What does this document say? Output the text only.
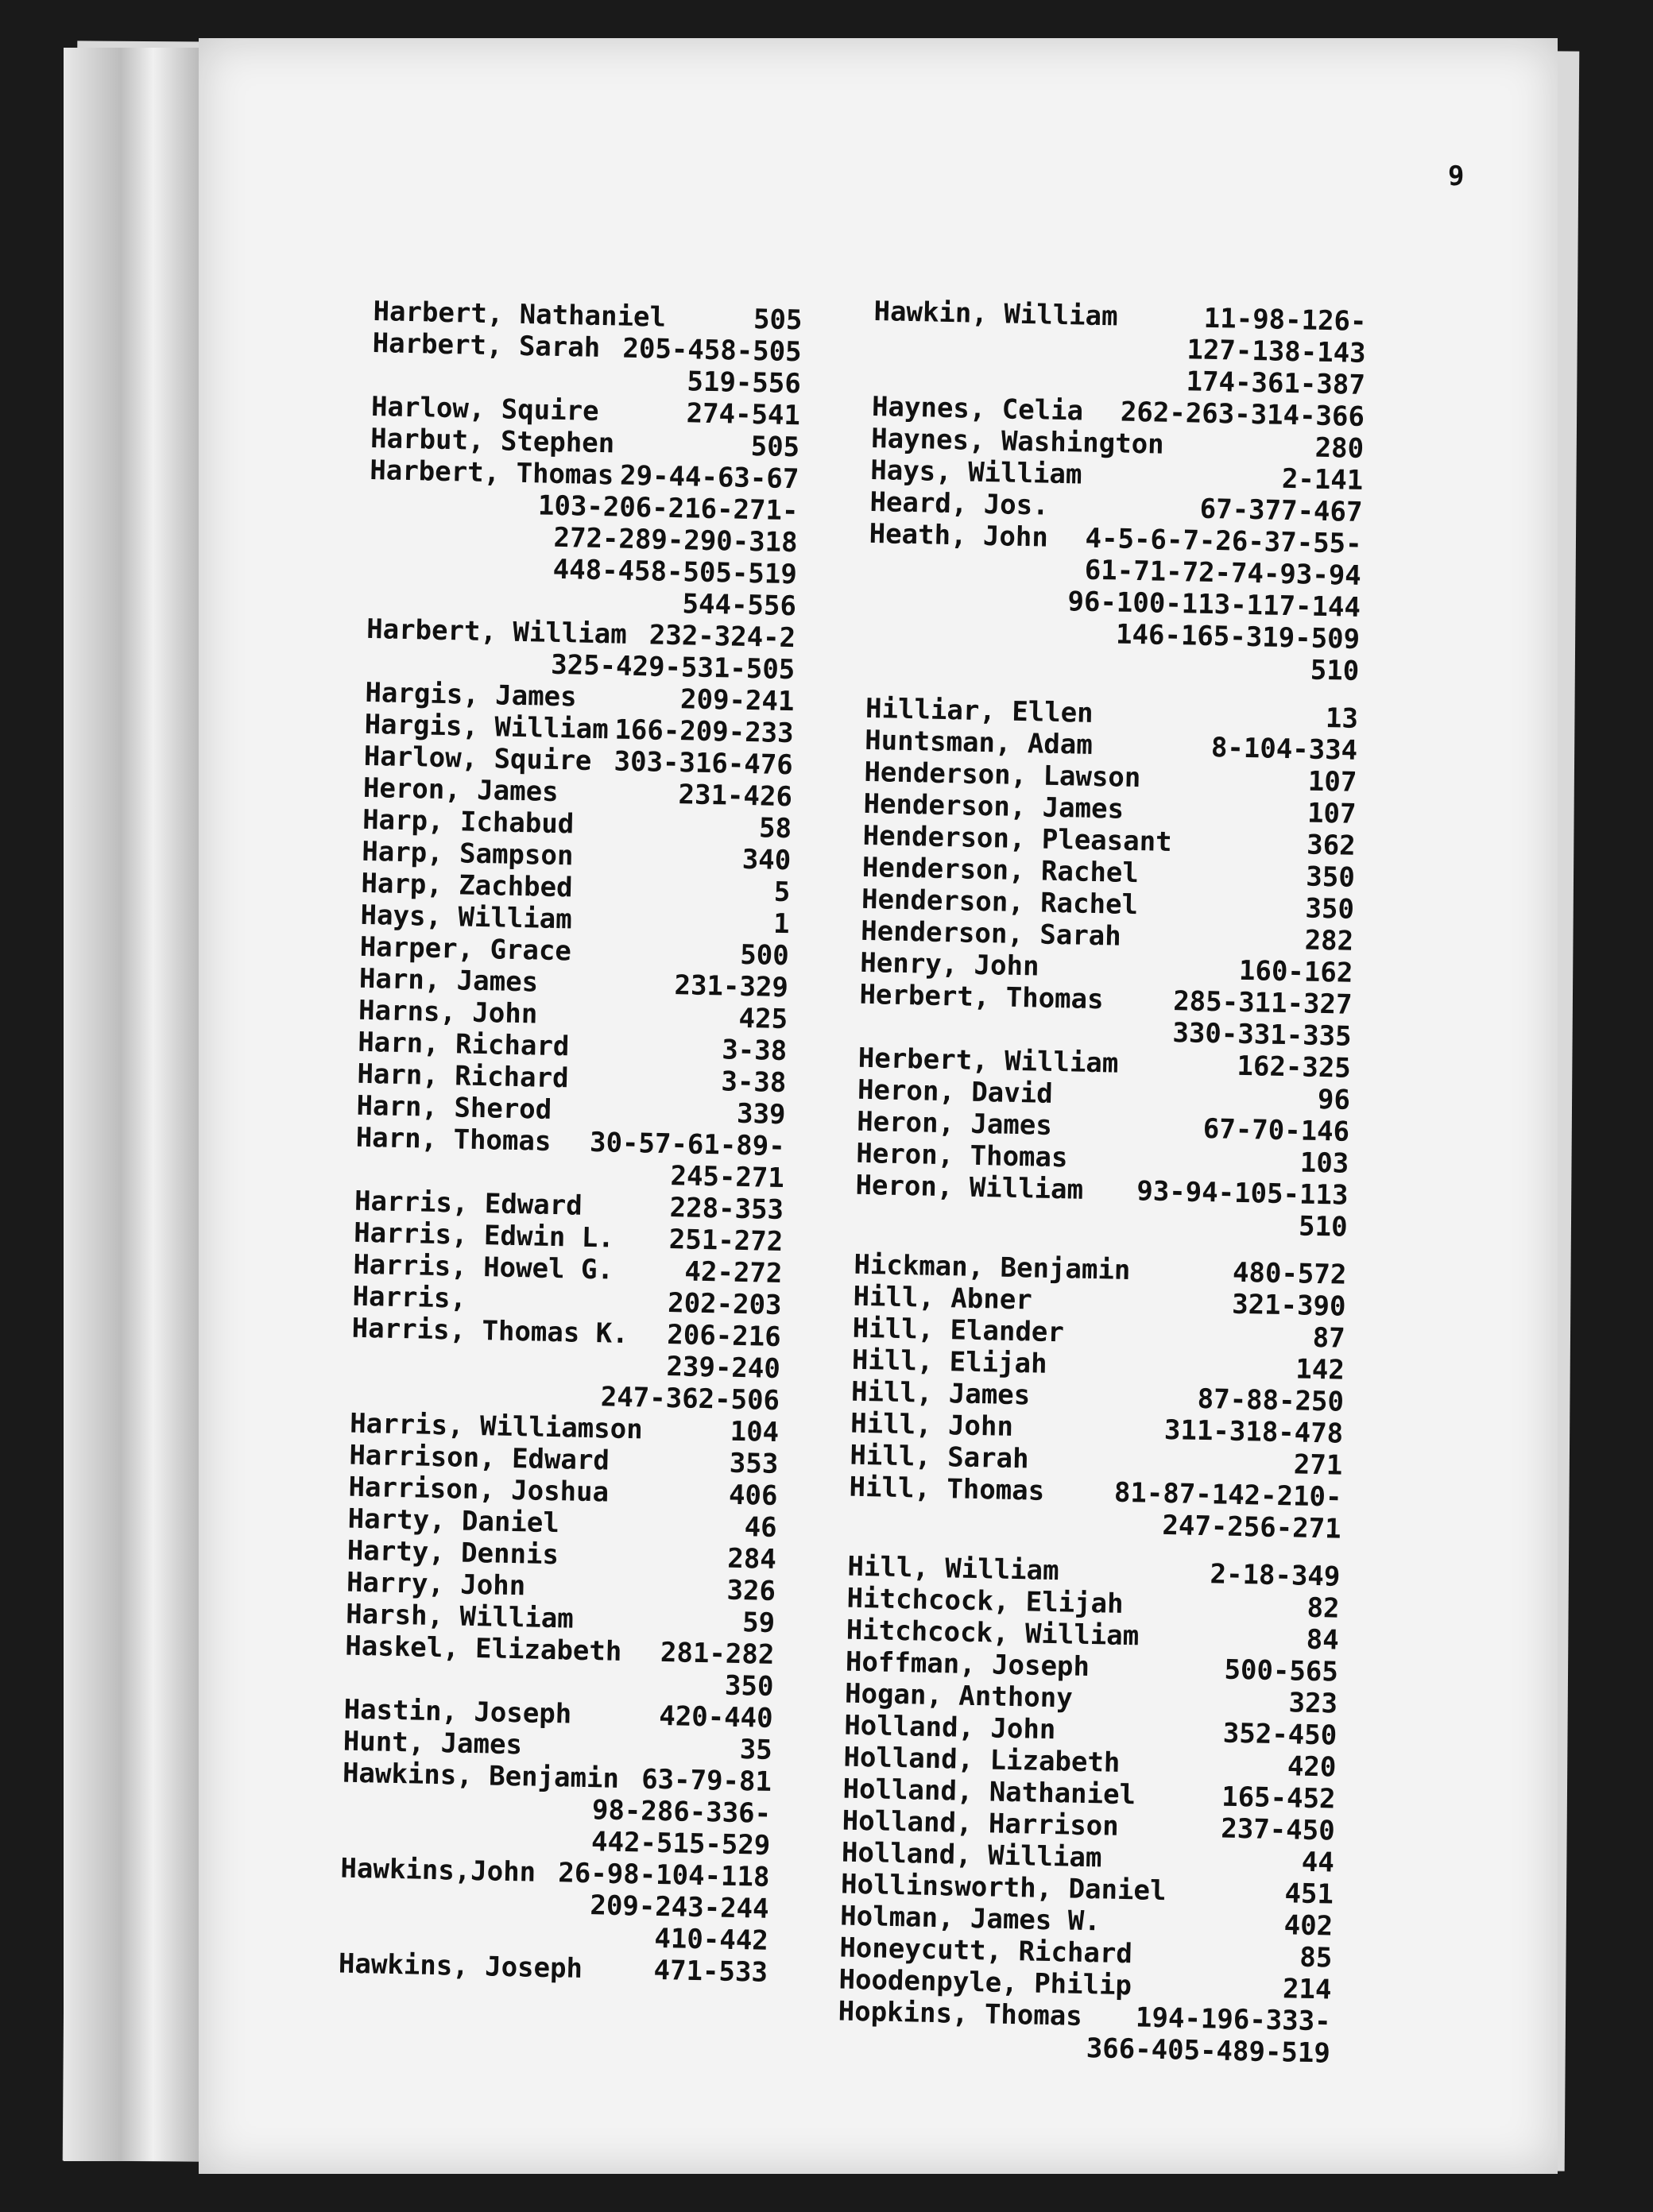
9
Harbert, Nathaniel	505
Harbert, Sarah 205-458-505
519-556
Harlow, Squire	274-541
Harbut, Stephen	505
Harbert, Thomas 29-44-63-67
103-206-216-271-
272-289-290-318
448-458-505-519
544-556
Harbert, William 232-324-2
325-429-531-505
Hargis, James	209-241
Hargis, William 166-209-233
Harlow, Squire 303-316-476
Heron, James	231-426
Harp, Ichabud	58
Harp, Sampson	340
Harp, Zachbed	5
Hays, William	1
Harper, Grace	500
Harn, James	231-329
Harns, John	425
Harn, Richard	3-38
Harn, Richard	3-38
Harn, Sherod	339
Harn, Thomas 30-57-61-89-
245-271
Harris, Edward	228-353
Harris, Edwin L. 251-272
Harris, Howel G.	42-272
Harris,	202-203
Harris, Thomas K. 206-216
239-240
247-362-506
Harris, Williamson	104
Harrison, Edward	353
Harrison, Joshua	406
Harty, Daniel	46
Harty, Dennis	284
Harry, John	326
Harsh, William	59
Haskel, Elizabeth 281-282
350
Hastin, Joseph	420-440
Hunt, James	35
Hawkins, Benjamin 63-79-81
98-286-336-
442-515-529
Hawkins,John 26-98-104-118
209-243-244
410-442
Hawkins, Joseph	471-533
Hawkin, William	11-98-126-
127-138-143
174-361-387
Haynes, Celia 262-263-314-366
Haynes, Washington	280
Hays, William	2-141
Heard, Jos.	67-377-467
Heath, John 4-5-6-7-26-37-55-
61-71-72-74-93-94
96-100-113-117-144
146-165-319-509
510
Hilliar, Ellen	13
Huntsman, Adam	8-104-334
Henderson, Lawson	107
Henderson, James	107
Henderson, Pleasant	362
Henderson, Rachel	350
Henderson, Rachel	350
Henderson, Sarah	282
Henry, John	160-162
Herbert, Thomas	285-311-327
330-331-335
Herbert, William	162-325
Heron, David	96
Heron, James	67-70-146
Heron, Thomas	103
Heron, William 93-94-105-113
510
Hickman, Benjamin	480-572
Hill, Abner	321-390
Hill, Elander	87
Hill, Elijah	142
Hill, James	87-88-250
Hill, John	311-318-478
Hill, Sarah	271
Hill, Thomas	81-87-142-210-
247-256-271
Hill, William	2-18-349
Hitchcock, Elijah	82
Hitchcock, William	84
Hoffman, Joseph	500-565
Hogan, Anthony	323
Holland, John	352-450
Holland, Lizabeth	420
Holland, Nathaniel	165-452
Holland, Harrison	237-450
Holland, William	44
Hollinsworth, Daniel	451
Holman, James W.	402
Honeycutt, Richard	85
Hoodenpyle, Philip	214
Hopkins, Thomas 194-196-333-
366-405-489-519
